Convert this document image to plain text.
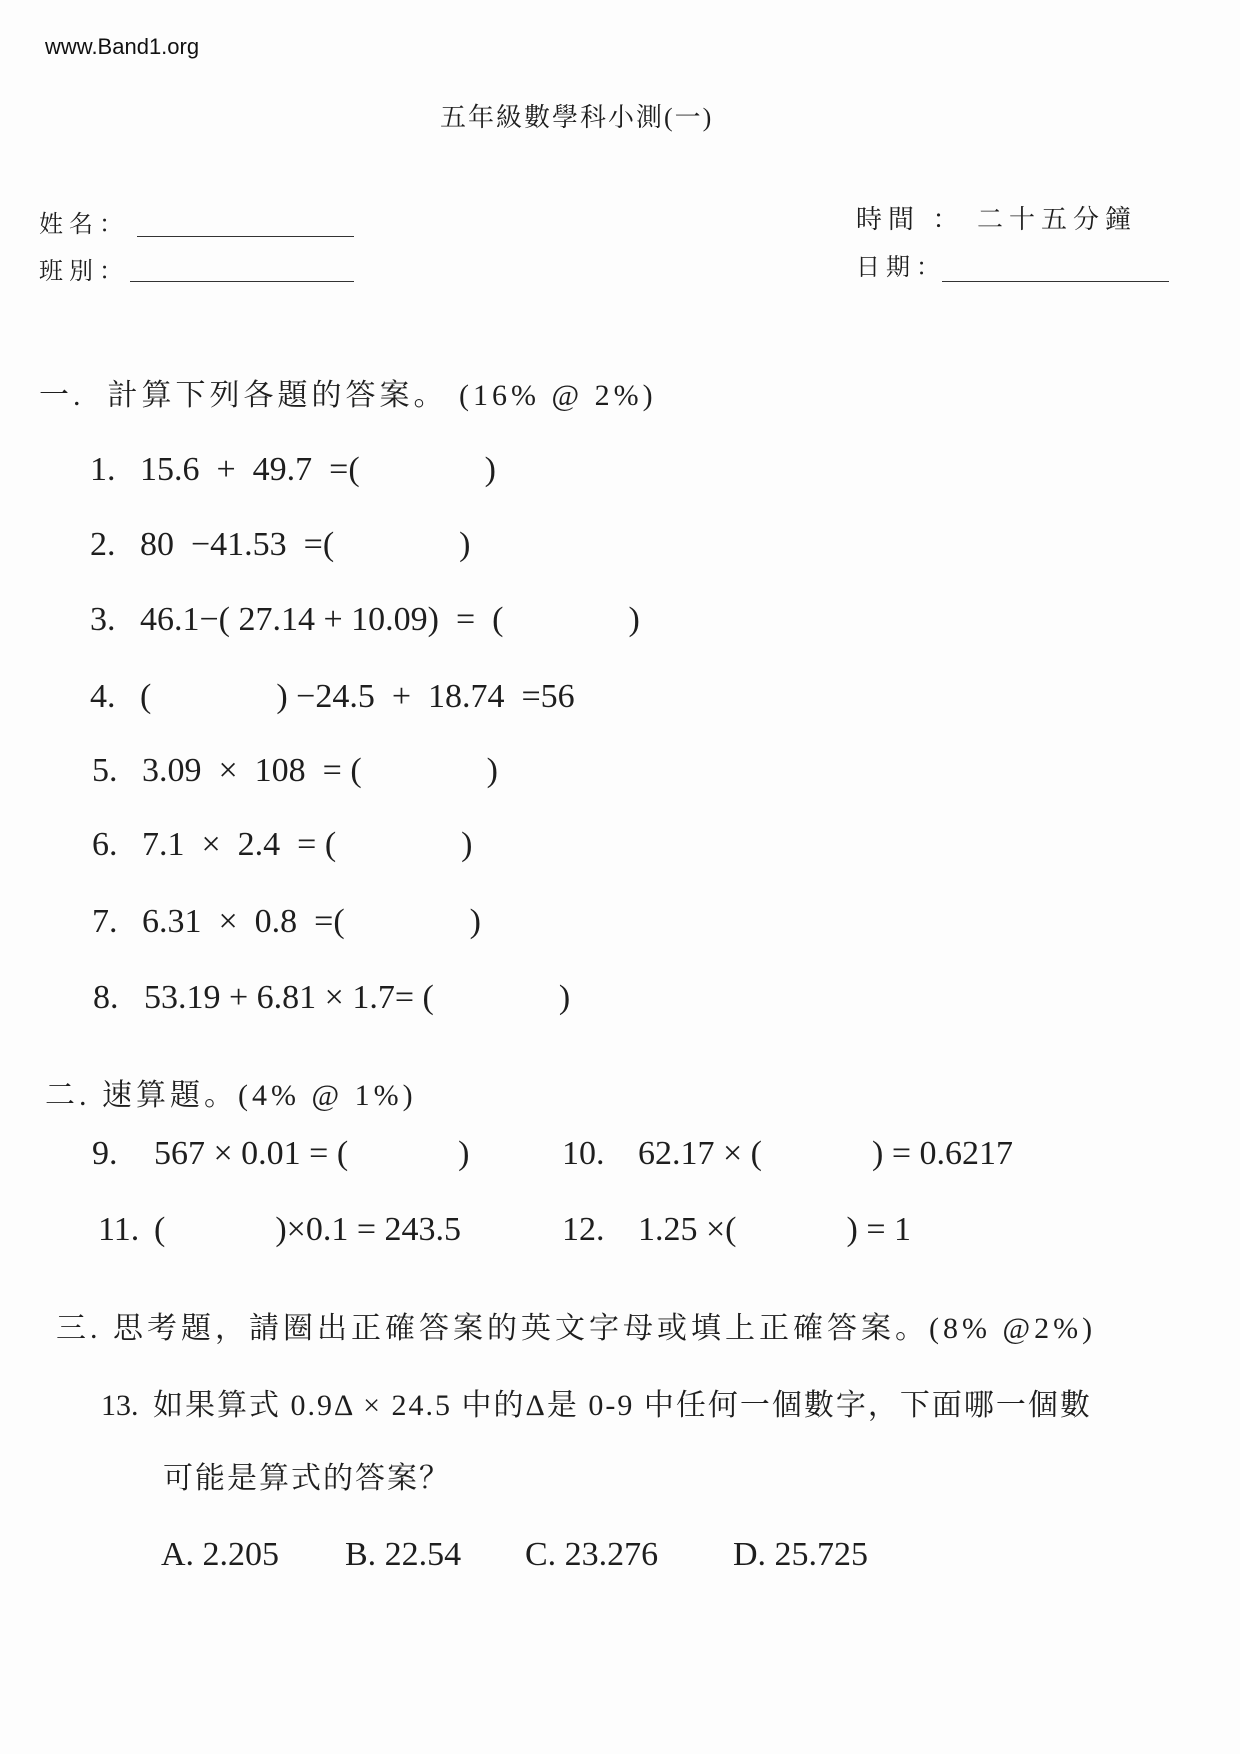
www.Band1.org
五年級數學科小測(一)
姓名：
班別：
時間 ： 二十五分鐘
日期：
一.  計算下列各題的答案。 (16% @ 2%)
1. 15.6  +  49.7  =(	)
2. 80  −41.53  =(	)
3. 46.1−( 27.14 + 10.09)  =  (	)
4. (	) −24.5  +  18.74  =56
5. 3.09  ×  108  = (	)
6. 7.1  ×  2.4  = (	)
7. 6.31  ×  0.8  =(	)
8. 53.19 + 6.81 × 1.7= (	)
二. 速算題。(4% @ 1%)
9.	567 × 0.01 = (	)	10. 62.17 × (	) = 0.6217
11. (	)×0.1 = 243.5	12. 1.25 ×(	) = 1
三. 思考題，請圈出正確答案的英文字母或填上正確答案。(8% @2%)
13. 如果算式 0.9Δ × 24.5 中的Δ是 0-9 中任何一個數字，下面哪一個數
可能是算式的答案？
A. 2.205 B. 22.54 C. 23.276 D. 25.725
